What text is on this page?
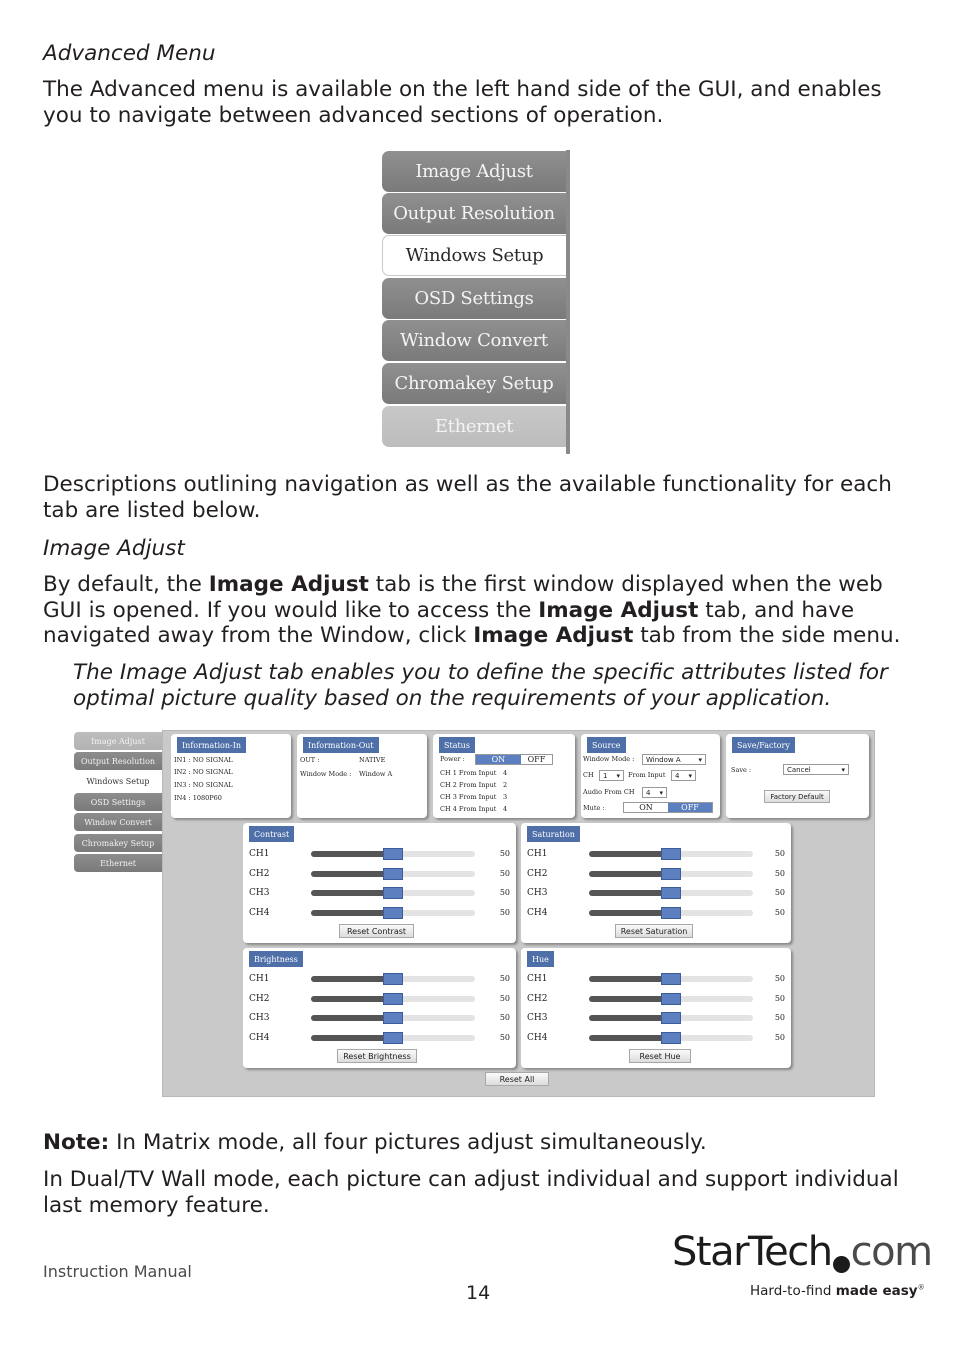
Advanced Menu
The Advanced menu is available on the left hand side of the GUI, and enables you to navigate between advanced sections of operation.
Image Adjust
Output Resolution
Windows Setup
OSD Settings
Window Convert
Chromakey Setup
Ethernet
Descriptions outlining navigation as well as the available functionality for each tab are listed below.
Image Adjust
By default, the Image Adjust tab is the first window displayed when the web GUI is opened. If you would like to access the Image Adjust tab, and have navigated away from the Window, click Image Adjust tab from the side menu.
The Image Adjust tab enables you to define the specific attributes listed for optimal picture quality based on the requirements of your application.
Image Adjust
Output Resolution
Windows Setup
OSD Settings
Window Convert
Chromakey Setup
Ethernet
Information-In
IN1 : NO SIGNAL
IN2 : NO SIGNAL
IN3 : NO SIGNAL
IN4 : 1080P60
Information-Out
OUT :	NATIVE
Window Mode : Window A
Status
Power :	ON	OFF
CH 1 From Input 4
CH 2 From Input 2
CH 3 From Input 3
CH 4 From Input 4
Source
Window Mode : Window A	▾
CH 1 ▾ From Input 4 ▾
Audio From CH 4 ▾
Mute :	ON	OFF
Save/Factory
Save :	Cancel	▾
Factory Default
Contrast
CH1	50
CH2	50
CH3	50
CH4	50
Reset Contrast
Saturation
CH1	50
CH2	50
CH3	50
CH4	50
Reset Saturation
Brightness
CH1	50
CH2	50
CH3	50
CH4	50
Reset Brightness
Hue
CH1	50
CH2	50
CH3	50
CH4	50
Reset Hue
Reset All
Note: In Matrix mode, all four pictures adjust simultaneously.
In Dual/TV Wall mode, each picture can adjust individual and support individual last memory feature.
Instruction Manual
14
StarTech com
Hard-to-find made easy®
